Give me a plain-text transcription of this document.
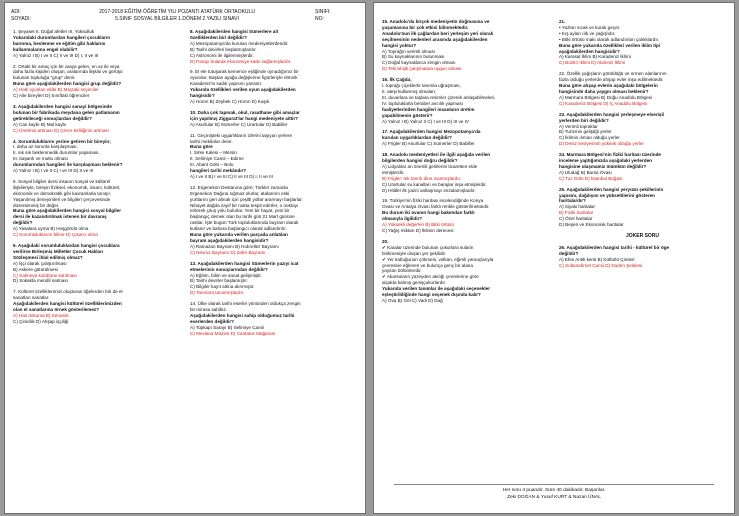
ADI:
SOYADI:
2017-2018 EĞİTİM ÖĞRETİM YILI POZANTI ATATÜRK ORTAOKULU
5.SINIF SOSYAL BİLGİLER 1.DÖNEM 2.YAZILI SINAVI
SINIFI:
NO:
1. Şeyaset II. Doğal afetler III. Yoksulluk
Yukarıdaki durumlardan hangileri çocukların
barınma, beslenme ve eğitim gibi haklarını
kullanmalarına engel olabilir?
A) Yalnız I B) I ve II C) II ve III D) I, II ve III
2. Ortaki bir amaç için bir araya gelen, en az iki veya
daha fazla kişiden oluşan, aralarında ilişkisi ve görüşü
bulunan topluluğa "grup" denir.
Buna göre aşağıdakilerden hangisi grup değildir?
A) Halk oyunları ekibi B) Maçtaki seyirciler
C) Aile bireyleri D) Sınıftaki öğrenciler
3. Aşağıdakilerden hangisi sanayi bölgesinde
bulunan bir fabrikada meydana gelen patlamanın
getirebileceği sonuçlardan değildir?
A) Can kaybı B) Mal kaybı
C) Üretimin artması D) Çevre kirliliğinin artması
4. Sorumluluklarını yerine getiren bir bireyin;
I. daha az sorunla karşılaşması,
II. sık sık beklenmedik durumlar yaşaması,
III. başarılı ve mutlu olması
durumlarından hangileri ile karşılaşması beklenir?
A) Yalnız I B) I ve II C) I ve III D) II ve III
5. Sosyal bilgiler dersi insanın sosyal ve kültürel
ilişkileriyle, bireyin fiziksel, ekonomik, insani, kültürel,
ekonomik ve demokratik gibi kavramlarla tanışır.
Yaşanılmış deneyimleri ve bilgileri çerçevesinde
düzenlenmiş bir değer.
Buna göre aşağıdakilerden hangisi sosyal bilgiler
dersi ile kazandırılmak istenen bir davranış
değildir?
A) Yasalara uyma B) Hoşgörülü olma
C) Sorumluluklarını bilme D) Çıkarcı olma
6. Aşağıdaki sorumluluklardan hangisi çocuklara
verilirse Birleşmiş Milletler Çocuk Hakları
Sözleşmesi ihlal edilmiş olmaz?
A) İşçi olarak çalıştırılması
B) Askere götürülmesi
C) Sahneye kulübüne katılması
D) Sokakta mendil satması
7. Kültürel özelliklerimizi oluşturan öğelerden biri de el
sanatları sanatlar.
Aşağıdakilerden hangisi kültürel özelliklerimizden
olan el sanatlarına örnek gösterilemez?
A) Halı dokuma B) Seramik
C) Çinicilik D) Ahşap işçiliği
8. Aşağıdakilerden hangisi Sümerlere ait
özelliklerden biri değildir?
A) Mezopotamya'da kurulan medeniyetlerdendir.
B) Tarihi devirleri başlatmışlardır.
C) Astronomi ile ilgilenmişlerdir.
D) Parayı bularak ekonomiye katkı sağlamışlardır.
9. El ele tutuşarak kemence eşliğinde oynadığımız bir
oyundur. Baştan ayağa değişlerine figürleriyle ritmnik
Karadeniz'in sadık yapısını yansıtır.
Yukarıda özellikleri verilen oyun aşağıdakilerden
hangisidir?
A) Horon B) Zeybek C) Horon D) Kaşık
10. Daha çok tapınak, okul, rasathane gibi amaçlar
için yapılmış Ziggurat'lar hangi medeniyete aittir?
A) Asurlular B) Sümerler C) Urartular D) Babiller
11. Geçmişteki uygarlıkların izlerini taşıyan yerlere
tarihi mekânlar denir.
Buna göre
I. Sirke Kalesi – Mersin
II. Selimiye Camii – Edirne
III. Abant Gölü – Bolu
hangileri tarihi mekândır?
A) I ve II B) I ve III C) II ve III D) I, II ve III
12. Ergenekon Destanına göre; Türkler zamanla
Ergenekon Dağına sığmaz olurlar, atalarının eski
yurtlarını geri almak için çeşitli yollar ararmayı başlarlar.
Nihayet dağda zayıf bir nokta tespit ederler, o noktayı
eriterek çıkış yolu bulurlar. Yeni bir hayat, yeni bir
başlangıç demek olan bu tarihi gün 21 Mart gününe
rastlar. İşte bugün Türk topluluklarında bayram olarak
kutlanır ve bahara başlangıcı olarak adlandırılır.
Buna göre yukarıda verilen parçada anlatılan
bayram aşağıdakilerden hangisidir?
A) Ramazan Bayramı B) Hıdırellez Bayramı
C) Nevruz Bayramı D) Zafer Bayramı
13. Aşağıdakilerden hangisi Sümerlerin yazıyı icat
etmelerinin sonuçlarından değildir?
A) Eğitim, bilim ve sanat gelişmiştir.
B) Tarihi devirler başlamıştır.
C) Bilgiler kayıt altına alınmıştır.
D) Tanrılara tanınmışlardır.
14. Ülke olarak tarihi eserler yönünden oldukça zengin
bir mirasa sahibiz.
Aşağıdakilerden hangisi sahip olduğumuz tarihi
eserlerden değildir?
A) Topkapı Sarayı B) Selimiye Camii
C) Mevlana Müzesi D) Cantalos Mağarası
15. Anadolu'da birçok medeniyetin doğmasına ve
yaşamasına bir çok etkisi bilinmektedir.
Anadolu'nun ilk çağlardan beri yerleşim yeri olarak
seçilmesinin nedenleri arasında aşağıdakilerden
hangisi yoktur?
A) Toprağın verimli olması
B) Su kaynaklarının bulunması
C) Doğal kaynaklarca zengin olması
D) Teknolojik çalışmalara uygun olması
16. İlk Çağda;
I. toprağı çiçeklerle tanımla uğraşması,
II. ateşi kullanmış olmaları,
III. duvarlara ve taşlara resimler çizerek anlaşabilmeleri,
IV. topluluklarla beraber avcılık yapması
faaliyetlerinden hangileri insanların üretim
yapabilmenin gösterir?
A) Yalnız I B) Yalnız II C) I ve III D) III ve IV
17. Aşağıdakilerden hangisi Mezopotamya'da
kurulan uygarlıklardan değildir?
A) Frigler B) Asurlular C) Sümerler D) Babiller
18. Anadolu medeniyetleri ile ilgili aşağıda verilen
bilgilerden hangisi doğru değildir?
A) Lidyalılar an önemli gelirlerini ticaretten elde
etmişlerdir.
B) Frigler: tek tanrılı dine inanmışlardır.
C) Urartular su kanalları ve barajlar inşa etmişlerdir.
D) Hititler ilk yazılı antlaşmayı imzalamışlardır.
19. Türkiye'nin fiziki haritası incelendiğinde Konya
Ovası ve Antalya Ovası farklı renkle gösterilmektedir.
Bu durum iki ovanın hangi bakımdan farklı
olmasıyla ilgilidir?
A) Yüksekli değerleri B) Bitki örtüsü
C) Yağış miktarı D) İklimin derecesi
20.
✔ Karalar üzerinde bulunan çukurlara sularin
birikmesiyle oluşan yer şekilidir.
✔ Yer kabuğunun çökmesi, volkan, eğimli yamaçlarıyla
çevresine eğlenen ve bulunça genç bir alana
yayılan bölümlerdir.
✔ Akarsuların yüzeyden akılığı çevrelerine göre
alçakta kalmış genişçukurlardır.
Yukarıda verilen tanımlar ile aşağıdaki seçenekler
eşleştirildiğinde hangi seçenek dışında kalır?
A) Ova B) Göl C) Vadi D) Dağ
21.
• Yazları sıcak ve kurak geçer.
• Kış ayları ılık ve yağışlıdır.
• Bitki örtüsü maki olarak adlandırılan çalılıklardır.
Buna göre yukarıda özellikleri verilen iklim tipi
aşağıdakilerden hangisidir?
A) Karasal İklim B) Karadeniz İklimi
C) Bozkır İklimi D) Akdeniz İklimi
22. Özellik yağışların görüldüğü ve ormen alanlarının
fazla olduğu yerlerde ahşap evler inşa edilmektedir.
Buna göre ahşap evlerin aşağıdaki bölgelerin
hangisinde daha yaygın olması beklenir?
A) Marmara Bölgesi B) Doğu Anadolu Bölgesi
C) Karadeniz Bölgesi D) İç Anadolu Bölgesi
23. Aşağıdakilerden hangisi yerleşmeye elverişli
yerlerden biri değildir?
A) Verimli topraklar
B) Turizmin geliştiği yerler
C) İklimin ılıman olduğu yerler
D) Deniz seviyesinin yüksek olduğu yerler
24. Marmara Bölgesi'nin fiziki haritası üzerinde
inceleme yaptığımızda aşağıdaki yerlerden
hangisine ulaşmamız mümkün değildir?
A) Uludağ B) Bursa Ovası
C) Tuz Gölü D) İstanbul Boğazı
25. Aşağıdakilerden hangisi yeryüzü şekillerinin
yapısını, dağılışını ve yükseltilerini gösteren
haritalardır?
A) Siyasi haritalar
B) Fiziki haritalar
C) Özel haritalar
D) Beşeri ve Ekonomik haritalar
JOKER SORU
26. Aşağıdakilerden hangisi tarihi - kültürel bir öge
değildir?
A) Efes Antik kenti B) Kültürlü Çimleri
C) Sultanahmet Camii D) Düden Şelalesi
Her soru 4 puandır. Süre 40 dakikadır. Başarılar.
Zeki DOĞAN & Yusuf KURT & Nazan ÜNAL
